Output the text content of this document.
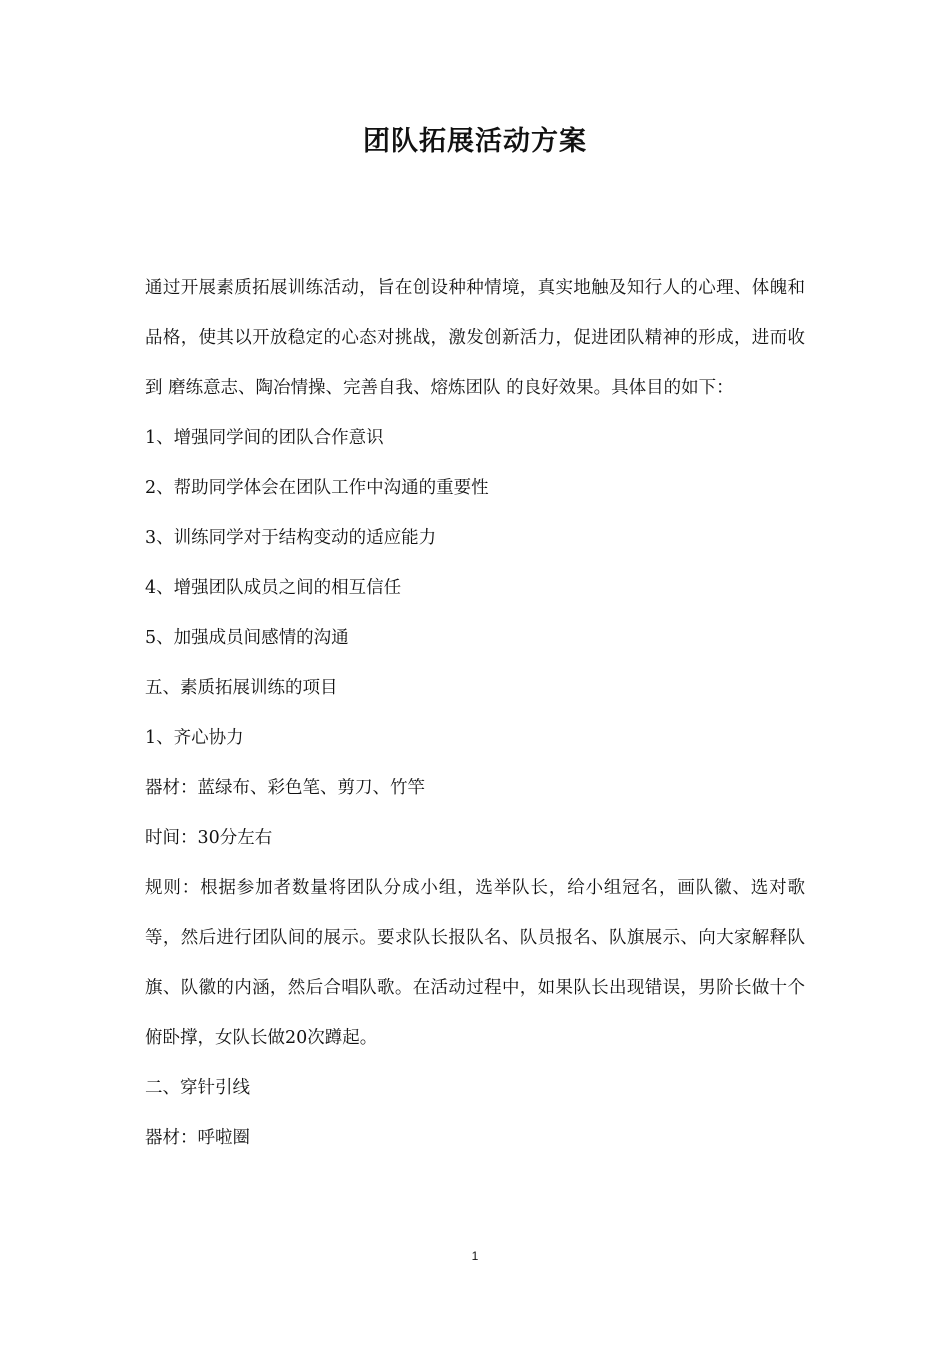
团队拓展活动方案

通过开展素质拓展训练活动，旨在创设种种情境，真实地触及知行人的心理、体魄和品格，使其以开放稳定的心态对挑战，激发创新活力，促进团队精神的形成，进而收到 磨练意志、陶冶情操、完善自我、熔炼团队 的良好效果。具体目的如下：

1、增强同学间的团队合作意识

2、帮助同学体会在团队工作中沟通的重要性

3、训练同学对于结构变动的适应能力

4、增强团队成员之间的相互信任

5、加强成员间感情的沟通

五、素质拓展训练的项目

1、齐心协力

器材：蓝绿布、彩色笔、剪刀、竹竿

时间：30分左右

规则：根据参加者数量将团队分成小组，选举队长，给小组冠名，画队徽、选对歌等，然后进行团队间的展示。要求队长报队名、队员报名、队旗展示、向大家解释队旗、队徽的内涵，然后合唱队歌。在活动过程中，如果队长出现错误，男阶长做十个俯卧撑，女队长做20次蹲起。

二、穿针引线

器材：呼啦圈

1
